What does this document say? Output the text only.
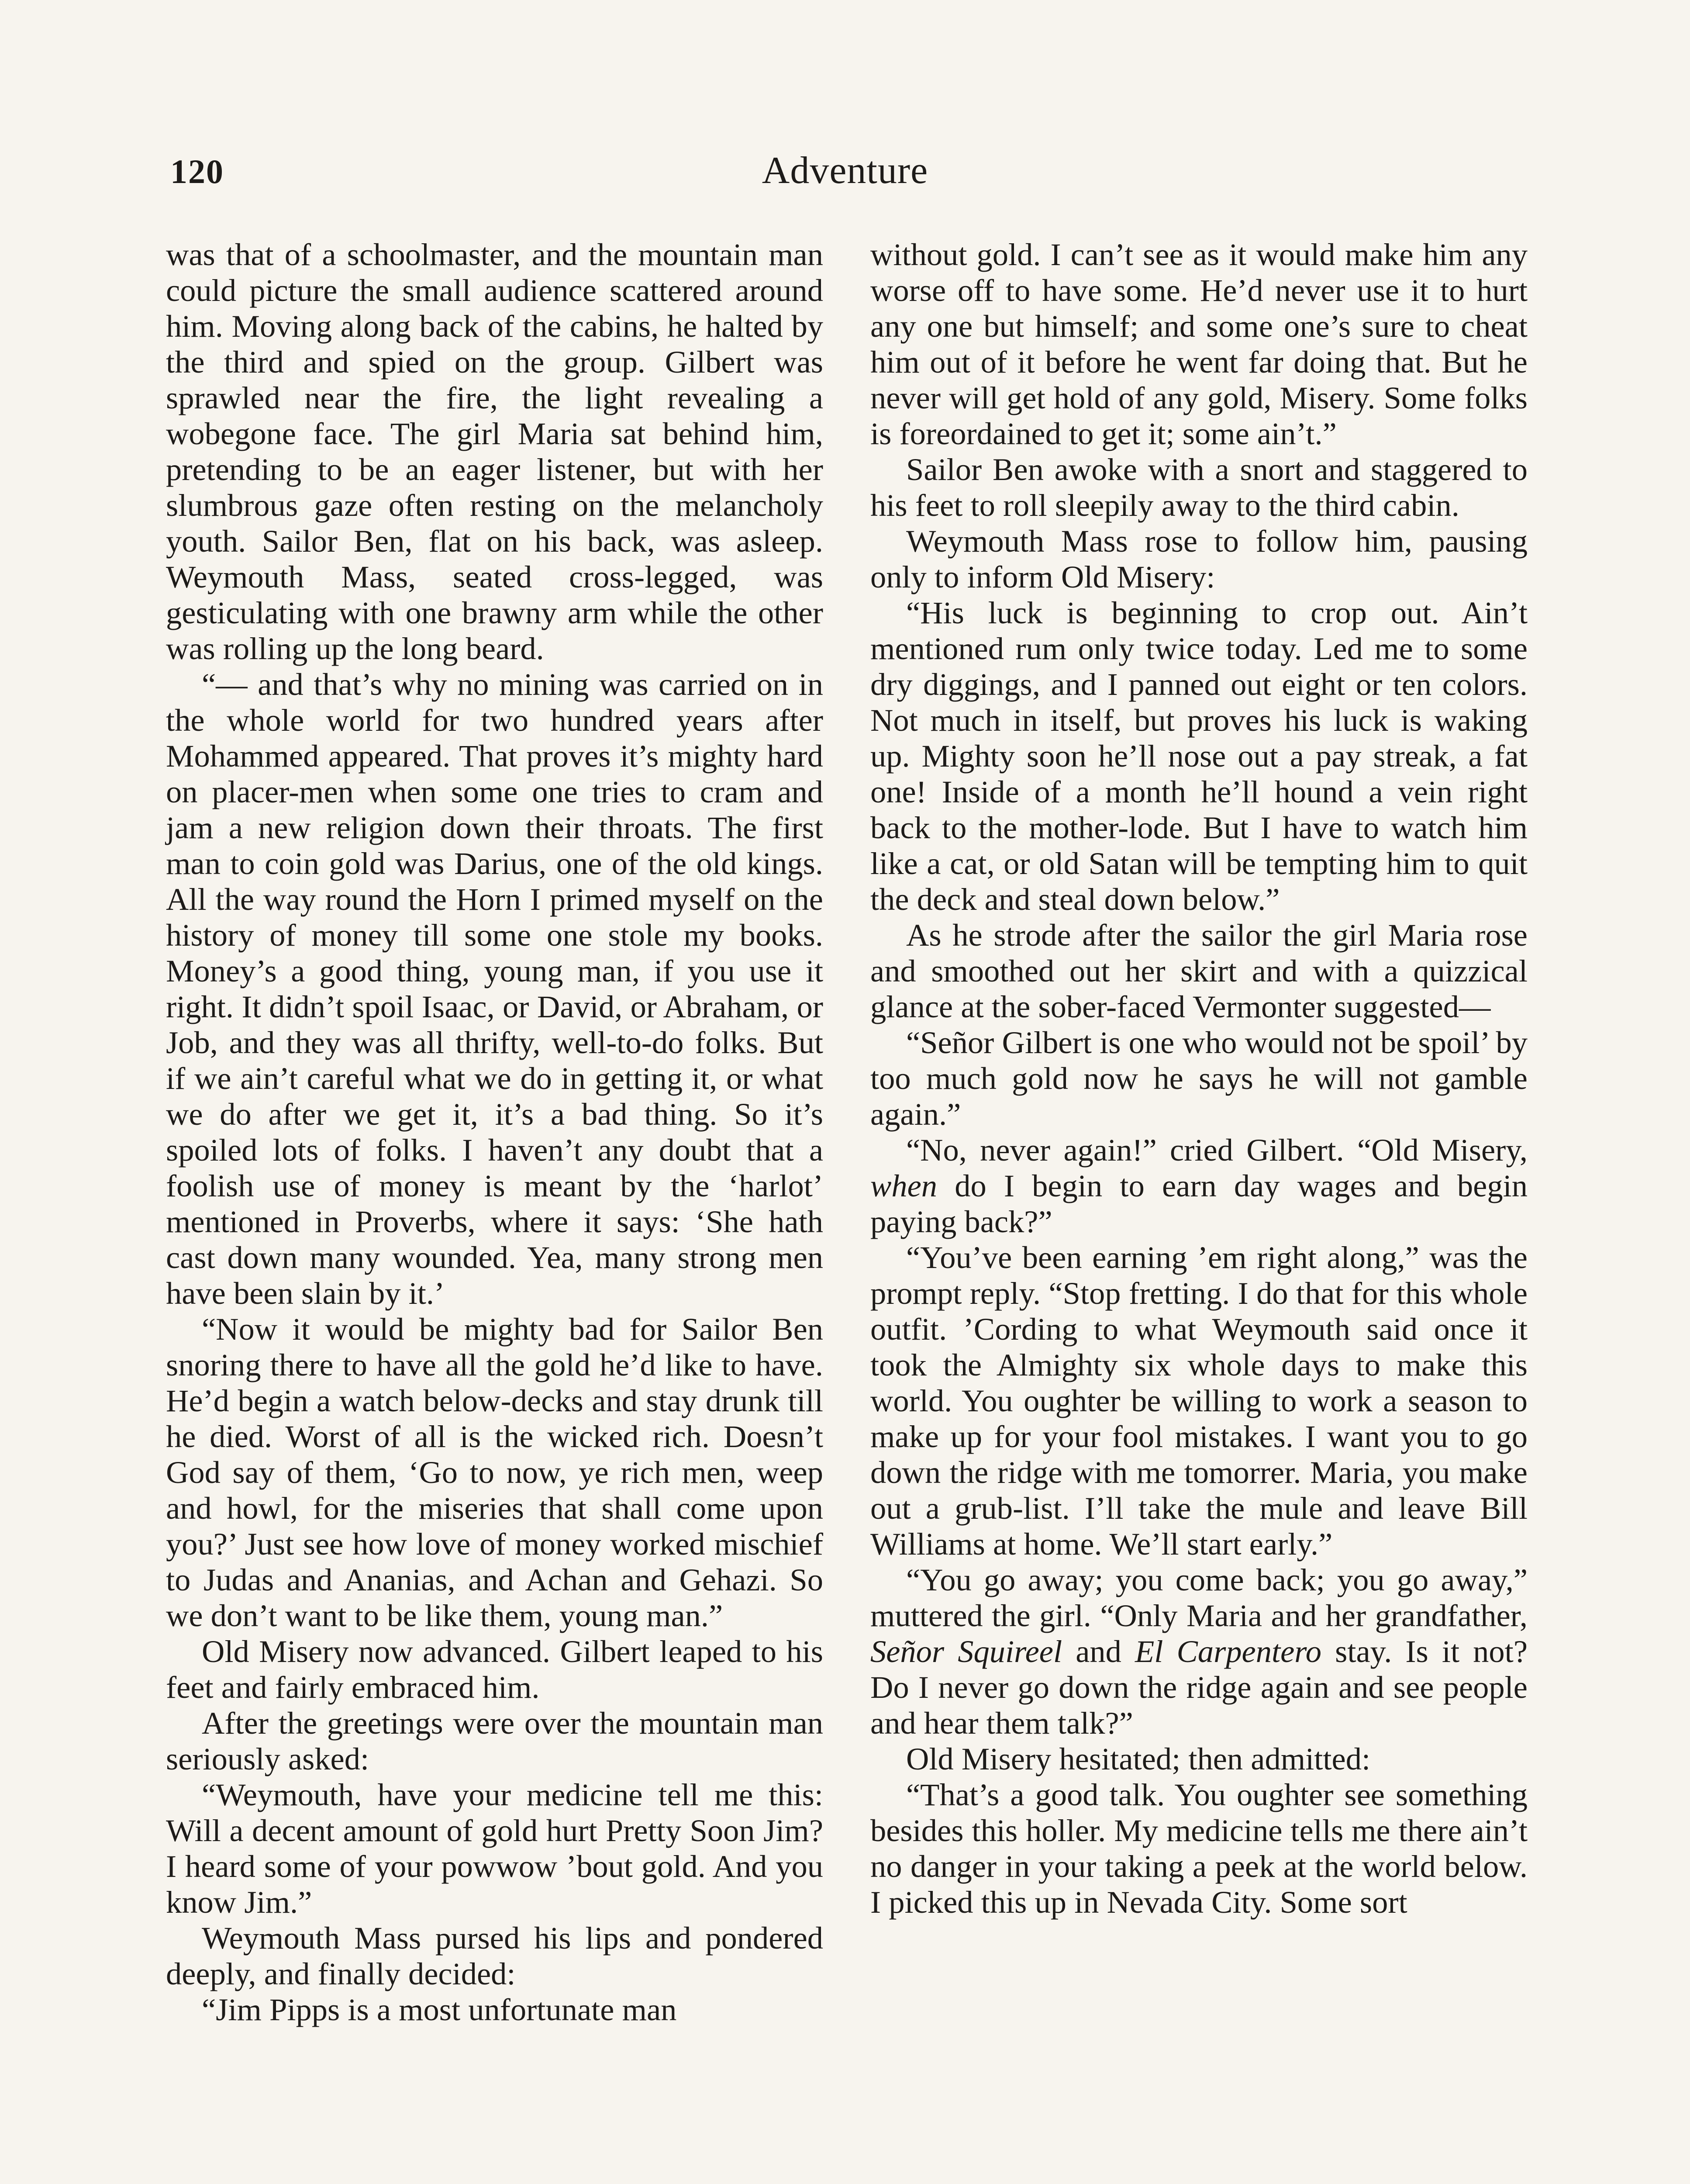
120	Adventure

was that of a schoolmaster, and the mountain man could picture the small audience scattered around him. Moving along back of the cabins, he halted by the third and spied on the group. Gilbert was sprawled near the fire, the light revealing a wobegone face. The girl Maria sat behind him, pretending to be an eager listener, but with her slumbrous gaze often resting on the melancholy youth. Sailor Ben, flat on his back, was asleep. Weymouth Mass, seated cross-legged, was gesticulating with one brawny arm while the other was rolling up the long beard.

“— and that’s why no mining was carried on in the whole world for two hundred years after Mohammed appeared. That proves it’s mighty hard on placer-men when some one tries to cram and jam a new religion down their throats. The first man to coin gold was Darius, one of the old kings. All the way round the Horn I primed myself on the history of money till some one stole my books. Money’s a good thing, young man, if you use it right. It didn’t spoil Isaac, or David, or Abraham, or Job, and they was all thrifty, well-to-do folks. But if we ain’t careful what we do in getting it, or what we do after we get it, it’s a bad thing. So it’s spoiled lots of folks. I haven’t any doubt that a foolish use of money is meant by the ‘harlot’ mentioned in Proverbs, where it says: ‘She hath cast down many wounded. Yea, many strong men have been slain by it.’

“Now it would be mighty bad for Sailor Ben snoring there to have all the gold he’d like to have. He’d begin a watch below-decks and stay drunk till he died. Worst of all is the wicked rich. Doesn’t God say of them, ‘Go to now, ye rich men, weep and howl, for the miseries that shall come upon you?’ Just see how love of money worked mischief to Judas and Ananias, and Achan and Gehazi. So we don’t want to be like them, young man.”

Old Misery now advanced. Gilbert leaped to his feet and fairly embraced him.

After the greetings were over the mountain man seriously asked:

“Weymouth, have your medicine tell me this: Will a decent amount of gold hurt Pretty Soon Jim? I heard some of your powwow ’bout gold. And you know Jim.”

Weymouth Mass pursed his lips and pondered deeply, and finally decided:

“Jim Pipps is a most unfortunate man

without gold. I can’t see as it would make him any worse off to have some. He’d never use it to hurt any one but himself; and some one’s sure to cheat him out of it before he went far doing that. But he never will get hold of any gold, Misery. Some folks is foreordained to get it; some ain’t.”

Sailor Ben awoke with a snort and staggered to his feet to roll sleepily away to the third cabin.

Weymouth Mass rose to follow him, pausing only to inform Old Misery:

“His luck is beginning to crop out. Ain’t mentioned rum only twice today. Led me to some dry diggings, and I panned out eight or ten colors. Not much in itself, but proves his luck is waking up. Mighty soon he’ll nose out a pay streak, a fat one! Inside of a month he’ll hound a vein right back to the mother-lode. But I have to watch him like a cat, or old Satan will be tempting him to quit the deck and steal down below.”

As he strode after the sailor the girl Maria rose and smoothed out her skirt and with a quizzical glance at the sober-faced Vermonter suggested—

“Señor Gilbert is one who would not be spoil’ by too much gold now he says he will not gamble again.”

“No, never again!” cried Gilbert. “Old Misery, when do I begin to earn day wages and begin paying back?”

“You’ve been earning ’em right along,” was the prompt reply. “Stop fretting. I do that for this whole outfit. ’Cording to what Weymouth said once it took the Almighty six whole days to make this world. You oughter be willing to work a season to make up for your fool mistakes. I want you to go down the ridge with me tomorrer. Maria, you make out a grub-list. I’ll take the mule and leave Bill Williams at home. We’ll start early.”

“You go away; you come back; you go away,” muttered the girl. “Only Maria and her grandfather, Señor Squireel and El Carpentero stay. Is it not? Do I never go down the ridge again and see people and hear them talk?”

Old Misery hesitated; then admitted:

“That’s a good talk. You oughter see something besides this holler. My medicine tells me there ain’t no danger in your taking a peek at the world below. I picked this up in Nevada City. Some sort
